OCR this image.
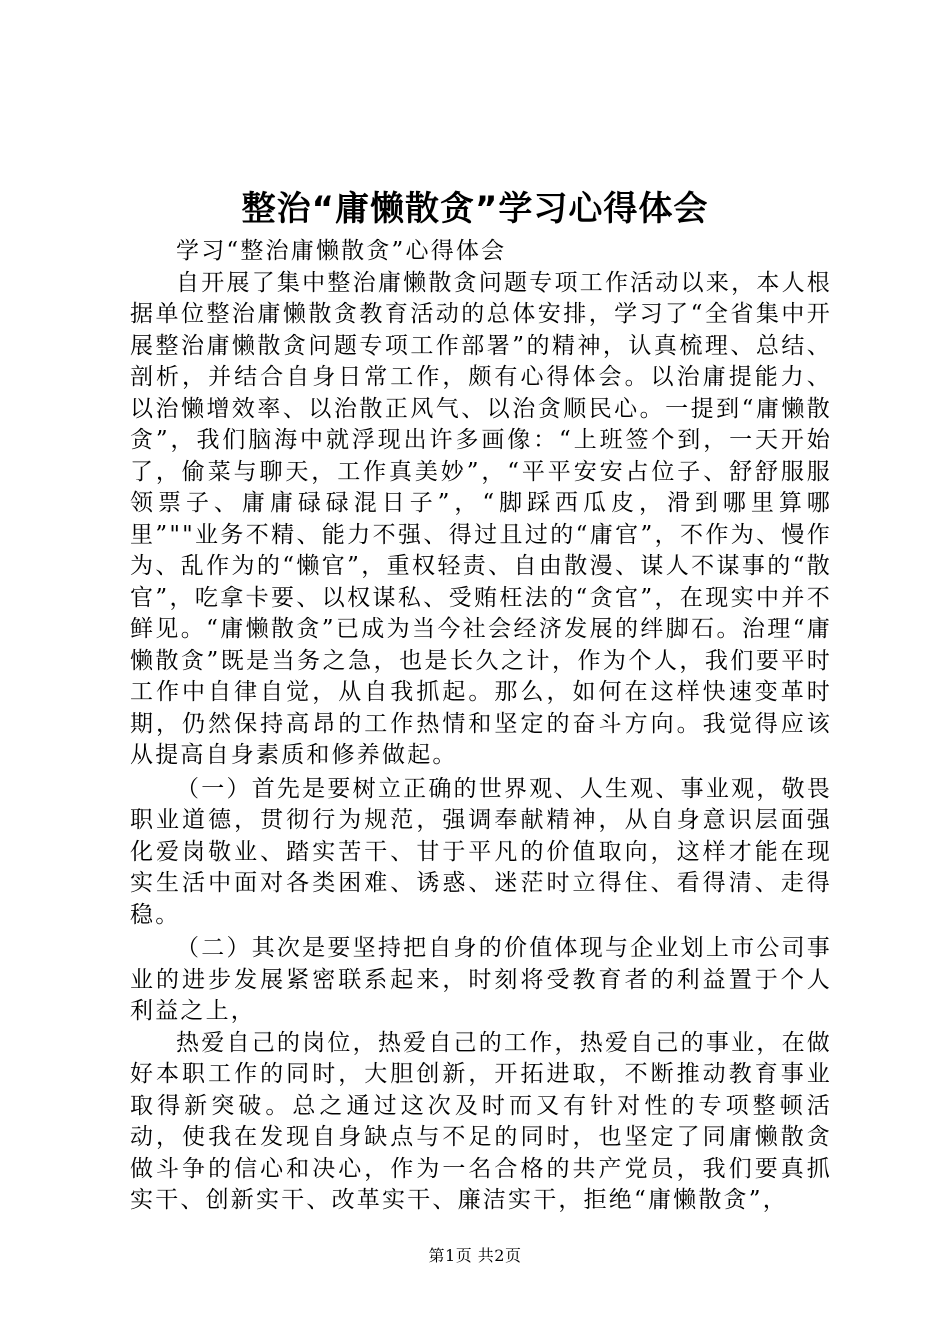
整治“庸懒散贪”学习心得体会

学习“整治庸懒散贪”心得体会

自开展了集中整治庸懒散贪问题专项工作活动以来，本人根据单位整治庸懒散贪教育活动的总体安排，学习了“全省集中开展整治庸懒散贪问题专项工作部署”的精神，认真梳理、总结、剖析，并结合自身日常工作，颇有心得体会。以治庸提能力、以治懒增效率、以治散正风气、以治贪顺民心。一提到“庸懒散贪”，我们脑海中就浮现出许多画像：“上班签个到，一天开始了，偷菜与聊天，工作真美妙”，“平平安安占位子、舒舒服服领票子、庸庸碌碌混日子”，“脚踩西瓜皮，滑到哪里算哪里”""业务不精、能力不强、得过且过的“庸官”，不作为、慢作为、乱作为的“懒官”，重权轻责、自由散漫、谋人不谋事的“散官”，吃拿卡要、以权谋私、受贿枉法的“贪官”，在现实中并不鲜见。“庸懒散贪”已成为当今社会经济发展的绊脚石。治理“庸懒散贪”既是当务之急，也是长久之计，作为个人，我们要平时工作中自律自觉，从自我抓起。那么，如何在这样快速变革时期，仍然保持高昂的工作热情和坚定的奋斗方向。我觉得应该从提高自身素质和修养做起。

（一）首先是要树立正确的世界观、人生观、事业观，敬畏职业道德，贯彻行为规范，强调奉献精神，从自身意识层面强化爱岗敬业、踏实苦干、甘于平凡的价值取向，这样才能在现实生活中面对各类困难、诱惑、迷茫时立得住、看得清、走得稳。

（二）其次是要坚持把自身的价值体现与企业划上市公司事业的进步发展紧密联系起来，时刻将受教育者的利益置于个人利益之上，

热爱自己的岗位，热爱自己的工作，热爱自己的事业，在做好本职工作的同时，大胆创新，开拓进取，不断推动教育事业取得新突破。总之通过这次及时而又有针对性的专项整顿活动，使我在发现自身缺点与不足的同时，也坚定了同庸懒散贪做斗争的信心和决心，作为一名合格的共产党员，我们要真抓实干、创新实干、改革实干、廉洁实干，拒绝“庸懒散贪”，

第1页 共2页
